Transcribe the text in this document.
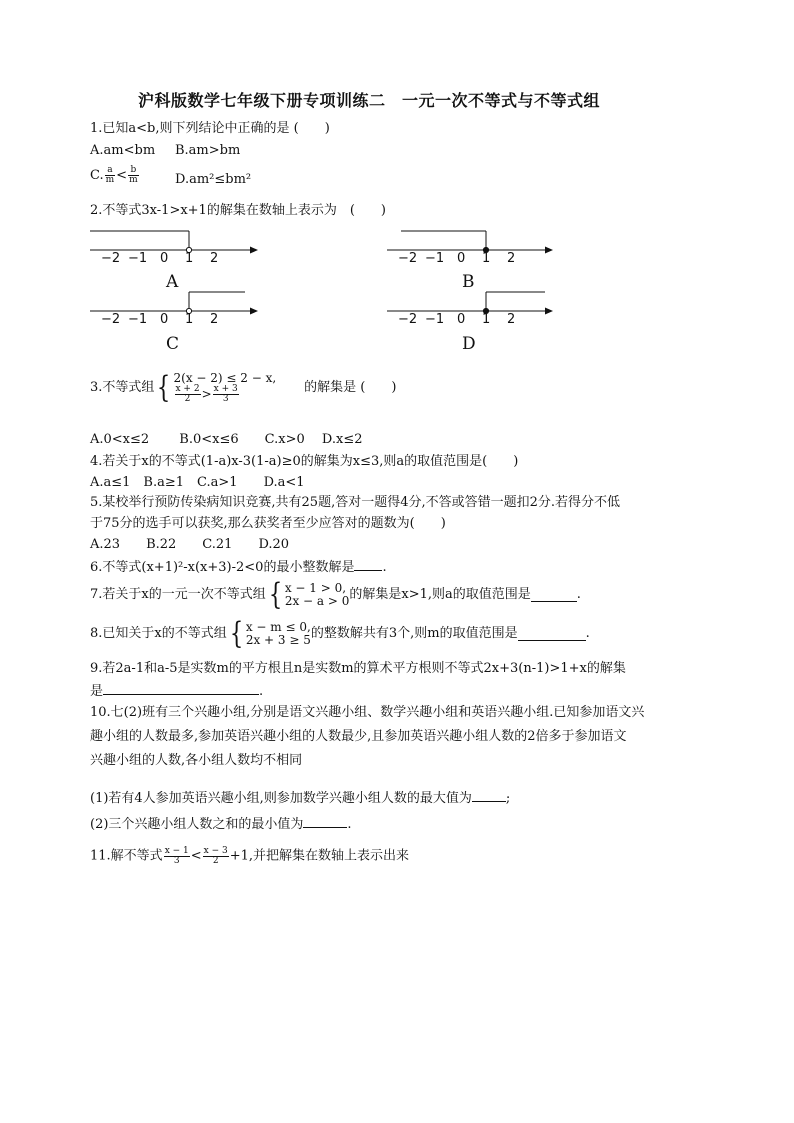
沪科版数学七年级下册专项训练二　一元一次不等式与不等式组
1.已知a<b,则下列结论中正确的是 (　　)
A.am<bm B.am>bm
C. $\frac{a}{m} < \frac{b}{m}$	D.am²≤bm²
2.不等式3x-1>x+1的解集在数轴上表示为　(　　)
−2 −1 0 1 2
A
−2 −1 0 1 2
B
−2 −1 0 1 2
C
−2 −1 0 1 2
D
3.不等式组{ 2(x − 2) ≤ 2 − x,
$\frac{x + 2}{2} > \frac{x + 3}{3}$	的解集是 (　　)
A.0<x≤2　　 B.0<x≤6　　C.x>0　 D.x≤2
4.若关于x的不等式(1-a)x-3(1-a)≥0的解集为x≤3,则a的取值范围是(　　)
A.a≤1　B.a≥1　C.a>1　　D.a<1
5.某校举行预防传染病知识竞赛,共有25题,答对一题得4分,不答或答错一题扣2分.若得分不低
于75分的选手可以获奖,那么获奖者至少应答对的题数为(　　)
A.23　　B.22　　C.21　　D.20
6.不等式(x+1)²-x(x+3)-2<0的最小整数解是 .
7.若关于x的一元一次不等式组{ x − 1 > 0,
2x − a > 0 的解集是x>1,则a的取值范围是	.
8.已知关于x的不等式组{ x − m ≤ 0,
2x + 3 ≥ 5 的整数解共有3个,则m的取值范围是	.
9.若2a-1和a-5是实数m的平方根且n是实数m的算术平方根则不等式2x+3(n-1)>1+x的解集
是	.
10.七(2)班有三个兴趣小组,分别是语文兴趣小组、数学兴趣小组和英语兴趣小组.已知参加语文兴
趣小组的人数最多,参加英语兴趣小组的人数最少,且参加英语兴趣小组人数的2倍多于参加语文
兴趣小组的人数,各小组人数均不相同
(1)若有4人参加英语兴趣小组,则参加数学兴趣小组人数的最大值为	;
(2)三个兴趣小组人数之和的最小值为	.
11.解不等式 $\frac{x - 1}{3} < \frac{x - 3}{2} +1$,并把解集在数轴上表示出来
